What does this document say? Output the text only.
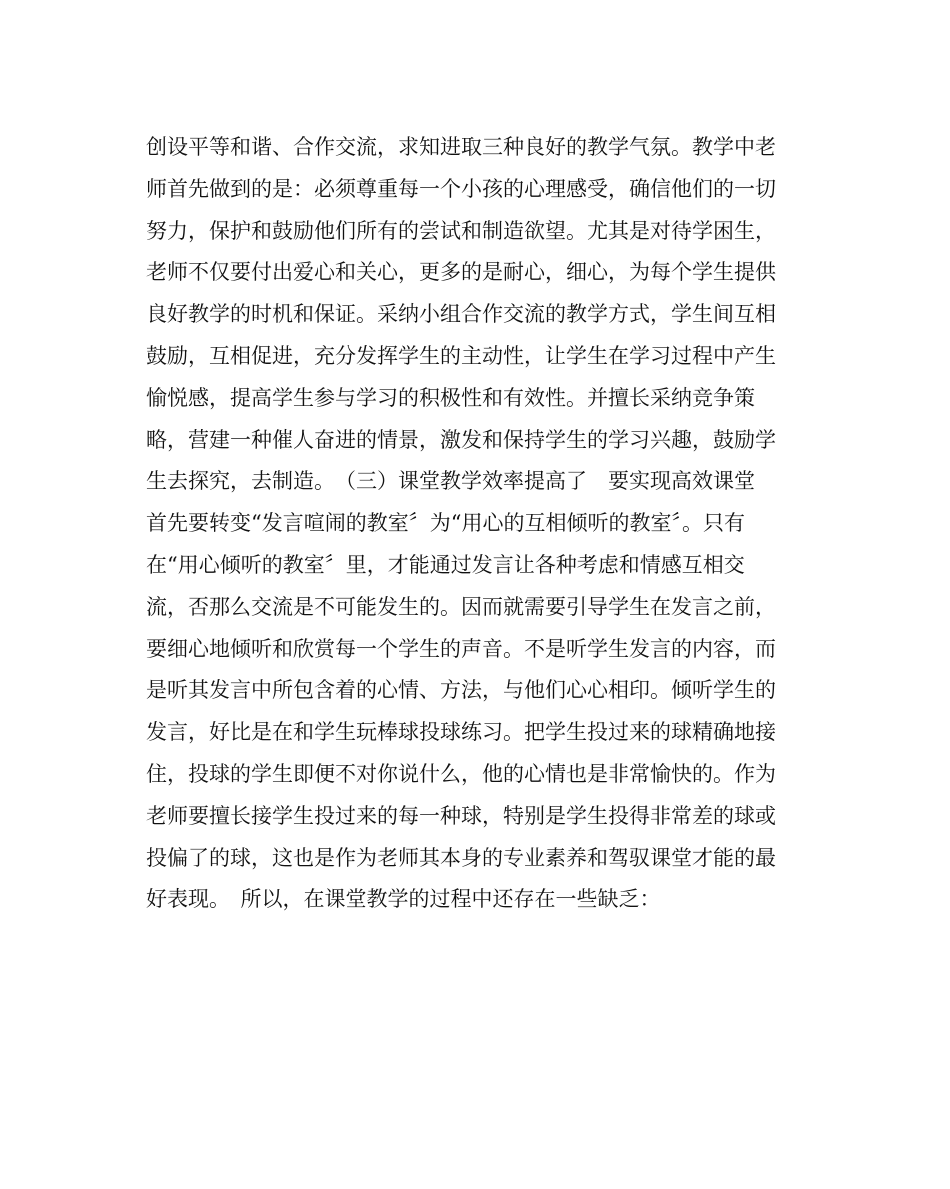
创设平等和谐、合作交流，求知进取三种良好的教学气氛。教学中老
师首先做到的是：必须尊重每一个小孩的心理感受，确信他们的一切
努力，保护和鼓励他们所有的尝试和制造欲望。尤其是对待学困生，
老师不仅要付出爱心和关心，更多的是耐心，细心，为每个学生提供
良好教学的时机和保证。采纳小组合作交流的教学方式，学生间互相
鼓励，互相促进，充分发挥学生的主动性，让学生在学习过程中产生
愉悦感，提高学生参与学习的积极性和有效性。并擅长采纳竞争策
略，营建一种催人奋进的情景，激发和保持学生的学习兴趣，鼓励学
生去探究，去制造。　（三）课堂教学效率提高了　要实现高效课堂
首先要转变“发言喧闹的教室〞为“用心的互相倾听的教室〞。只有
在“用心倾听的教室〞里，才能通过发言让各种考虑和情感互相交
流，否那么交流是不可能发生的。因而就需要引导学生在发言之前，
要细心地倾听和欣赏每一个学生的声音。不是听学生发言的内容，而
是听其发言中所包含着的心情、方法，与他们心心相印。倾听学生的
发言，好比是在和学生玩棒球投球练习。把学生投过来的球精确地接
住，投球的学生即便不对你说什么，他的心情也是非常愉快的。作为
老师要擅长接学生投过来的每一种球，特别是学生投得非常差的球或
投偏了的球，这也是作为老师其本身的专业素养和驾驭课堂才能的最
好表现。　所以，在课堂教学的过程中还存在一些缺乏：
